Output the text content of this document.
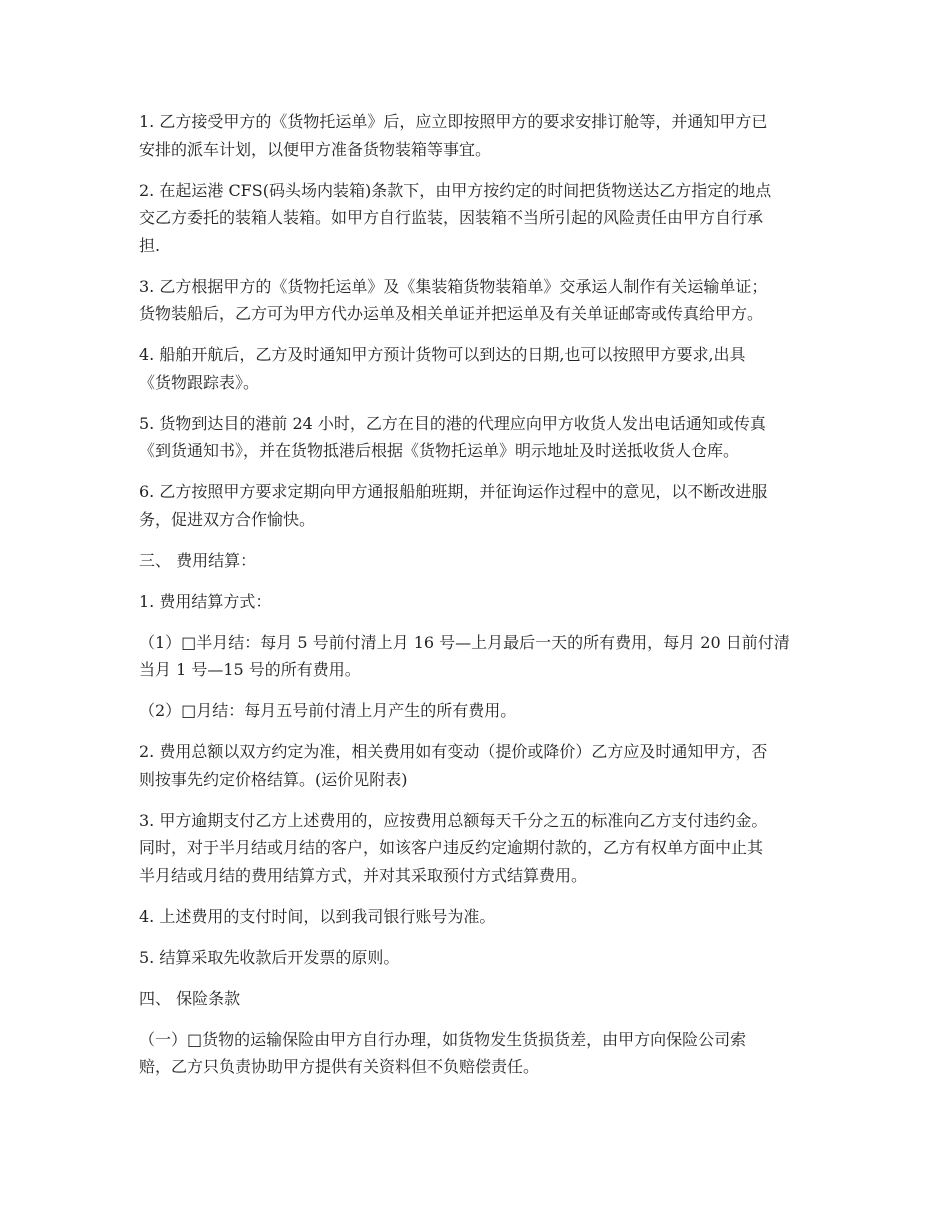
1. 乙方接受甲方的《货物托运单》后，应立即按照甲方的要求安排订舱等，并通知甲方已
安排的派车计划，以便甲方准备货物装箱等事宜。

2. 在起运港 CFS(码头场内装箱)条款下，由甲方按约定的时间把货物送达乙方指定的地点
交乙方委托的装箱人装箱。如甲方自行监装，因装箱不当所引起的风险责任由甲方自行承
担.

3. 乙方根据甲方的《货物托运单》及《集装箱货物装箱单》交承运人制作有关运输单证；
货物装船后，乙方可为甲方代办运单及相关单证并把运单及有关单证邮寄或传真给甲方。

4. 船舶开航后，乙方及时通知甲方预计货物可以到达的日期,也可以按照甲方要求,出具
《货物跟踪表》。

5. 货物到达目的港前 24 小时，乙方在目的港的代理应向甲方收货人发出电话通知或传真
《到货通知书》，并在货物抵港后根据《货物托运单》明示地址及时送抵收货人仓库。

6. 乙方按照甲方要求定期向甲方通报船舶班期，并征询运作过程中的意见，以不断改进服
务，促进双方合作愉快。

三、 费用结算：

1. 费用结算方式：

（1）□半月结：每月 5 号前付清上月 16 号—上月最后一天的所有费用，每月 20 日前付清
当月 1 号—15 号的所有费用。

（2）□月结：每月五号前付清上月产生的所有费用。

2. 费用总额以双方约定为准，相关费用如有变动（提价或降价）乙方应及时通知甲方，否
则按事先约定价格结算。(运价见附表)

3. 甲方逾期支付乙方上述费用的，应按费用总额每天千分之五的标准向乙方支付违约金。
同时，对于半月结或月结的客户，如该客户违反约定逾期付款的，乙方有权单方面中止其
半月结或月结的费用结算方式，并对其采取预付方式结算费用。

4. 上述费用的支付时间，以到我司银行账号为准。

5. 结算采取先收款后开发票的原则。

四、 保险条款

（一）□货物的运输保险由甲方自行办理，如货物发生货损货差，由甲方向保险公司索
赔，乙方只负责协助甲方提供有关资料但不负赔偿责任。
